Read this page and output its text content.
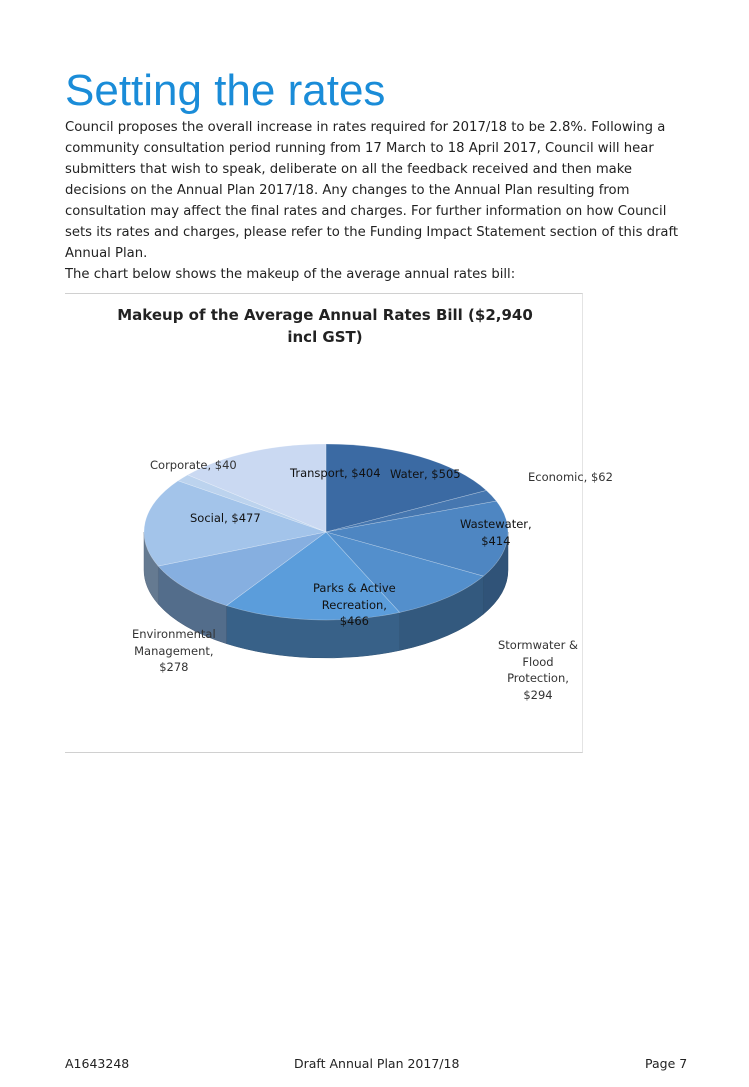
Setting the rates

Council proposes the overall increase in rates required for 2017/18 to be 2.8%. Following a community consultation period running from 17 March to 18 April 2017, Council will hear submitters that wish to speak, deliberate on all the feedback received and then make decisions on the Annual Plan 2017/18. Any changes to the Annual Plan resulting from consultation may affect the final rates and charges. For further information on how Council sets its rates and charges, please refer to the Funding Impact Statement section of this draft Annual Plan.

The chart below shows the makeup of the average annual rates bill:

Makeup of the Average Annual Rates Bill ($2,940 incl GST)
Water, $505	Economic, $62
Wastewater,
$414
Stormwater &
Flood
Protection,
$294
Parks & Active
Recreation,
$466
Environmental
Management,
$278
Social, $477
Corporate, $40
Transport, $404
A1643248	Draft Annual Plan 2017/18	Page 7
